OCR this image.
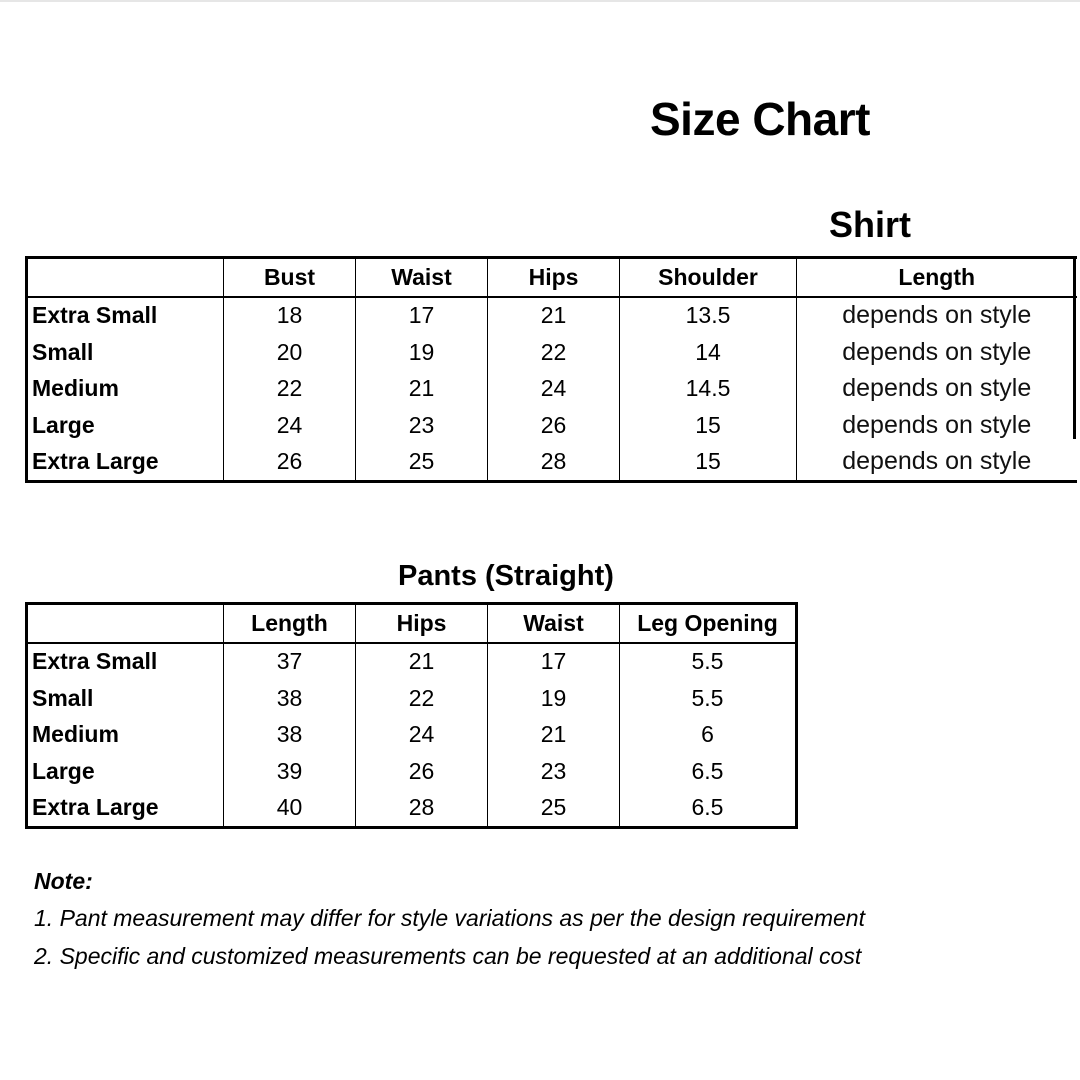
Size Chart
Shirt
	Bust	Waist	Hips	Shoulder	Length
Extra Small	18	17	21	13.5	depends on style
Small	20	19	22	14	depends on style
Medium	22	21	24	14.5	depends on style
Large	24	23	26	15	depends on style
Extra Large	26	25	28	15	depends on style
Pants (Straight)
	Length	Hips	Waist	Leg Opening
Extra Small	37	21	17	5.5
Small	38	22	19	5.5
Medium	38	24	21	6
Large	39	26	23	6.5
Extra Large	40	28	25	6.5
Note:
1. Pant measurement may differ for style variations as per the design requirement
2. Specific and customized measurements can be requested at an additional cost
